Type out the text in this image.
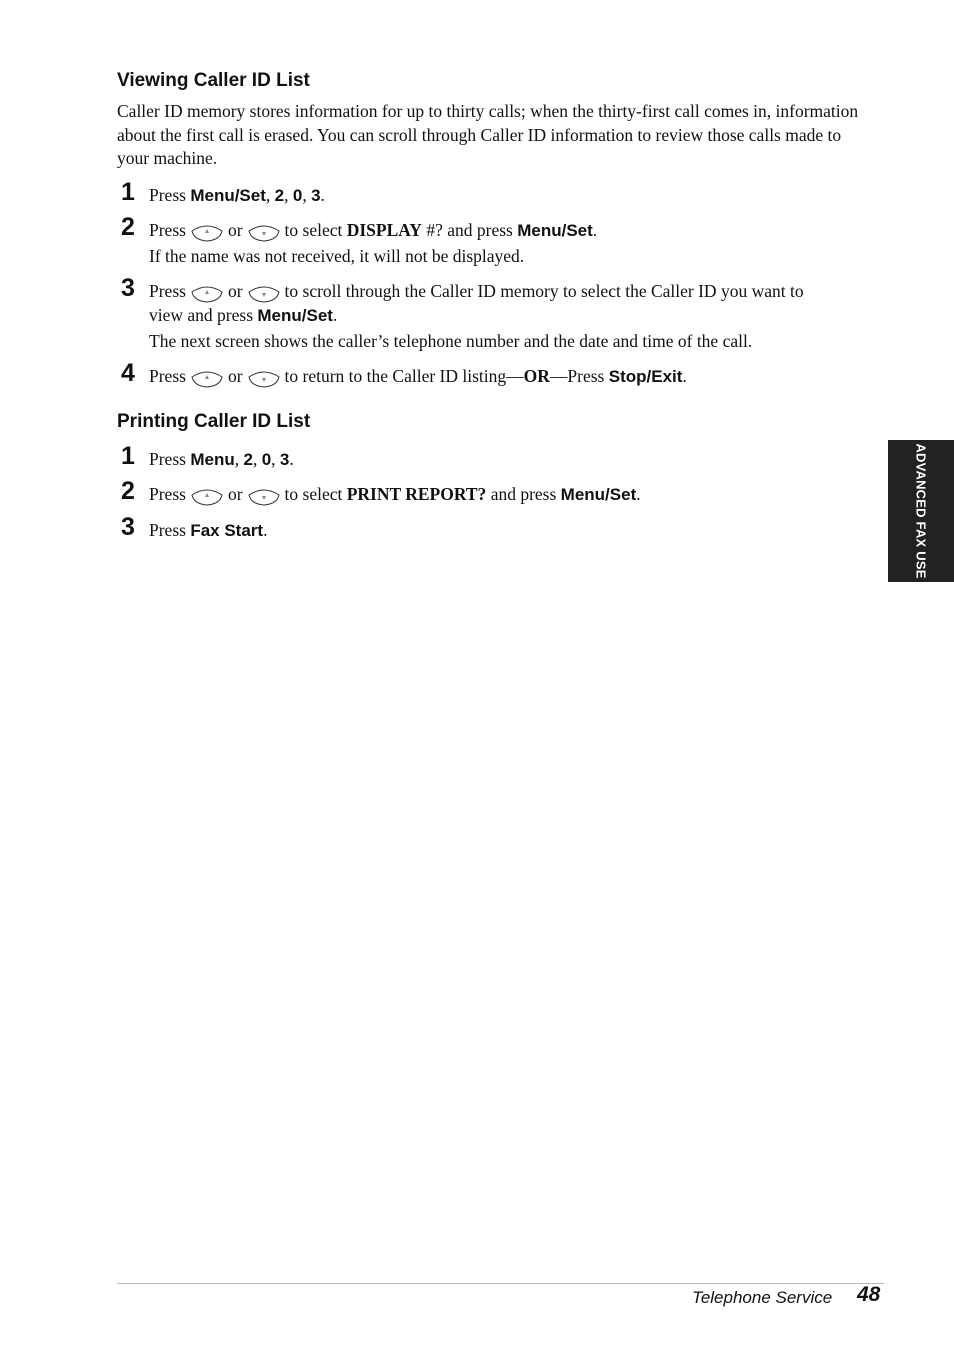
Viewing Caller ID List

Caller ID memory stores information for up to thirty calls; when the thirty-first call comes in, information about the first call is erased. You can scroll through Caller ID information to review those calls made to your machine.

1 Press Menu/Set, 2, 0, 3.
2 Press or to select DISPLAY #? and press Menu/Set.
If the name was not received, it will not be displayed.
3 Press or to scroll through the Caller ID memory to select the Caller ID you want to
view and press Menu/Set.
The next screen shows the caller’s telephone number and the date and time of the call.
4 Press or to return to the Caller ID listing—OR—Press Stop/Exit.
Printing Caller ID List
1 Press Menu, 2, 0, 3.
2 Press or to select PRINT REPORT? and press Menu/Set.
3 Press Fax Start.	ADVANCED FAX USE
Telephone Service 48
